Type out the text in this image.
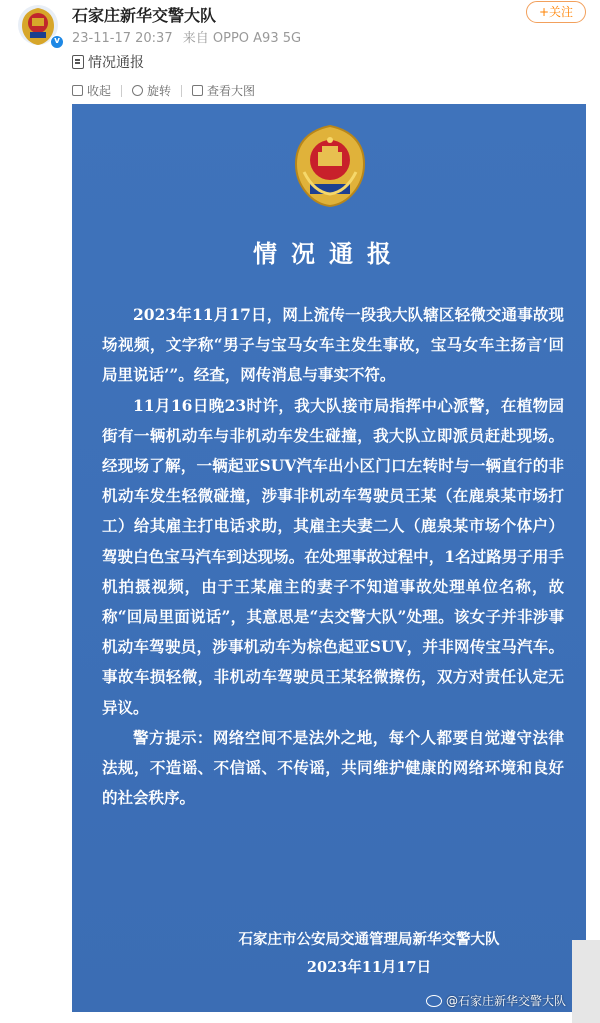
v
石家庄新华交警大队
23-11-17 20:37 来自 OPPO A93 5G
+关注
情况通报
收起	旋转	查看大图
情况通报

2023年11月17日，网上流传一段我大队辖区轻微交通事故现场视频，文字称“男子与宝马女车主发生事故，宝马女车主扬言‘回局里说话’”。经查，网传消息与事实不符。

11月16日晚23时许，我大队接市局指挥中心派警，在植物园街有一辆机动车与非机动车发生碰撞，我大队立即派员赶赴现场。经现场了解，一辆起亚SUV汽车出小区门口左转时与一辆直行的非机动车发生轻微碰撞，涉事非机动车驾驶员王某（在鹿泉某市场打工）给其雇主打电话求助，其雇主夫妻二人（鹿泉某市场个体户）驾驶白色宝马汽车到达现场。在处理事故过程中，1名过路男子用手机拍摄视频，由于王某雇主的妻子不知道事故处理单位名称，故称“回局里面说话”，其意思是“去交警大队”处理。该女子并非涉事机动车驾驶员，涉事机动车为棕色起亚SUV，并非网传宝马汽车。事故车损轻微，非机动车驾驶员王某轻微擦伤，双方对责任认定无异议。

警方提示：网络空间不是法外之地，每个人都要自觉遵守法律法规，不造谣、不信谣、不传谣，共同维护健康的网络环境和良好的社会秩序。

石家庄市公安局交通管理局新华交警大队
2023年11月17日
@石家庄新华交警大队
